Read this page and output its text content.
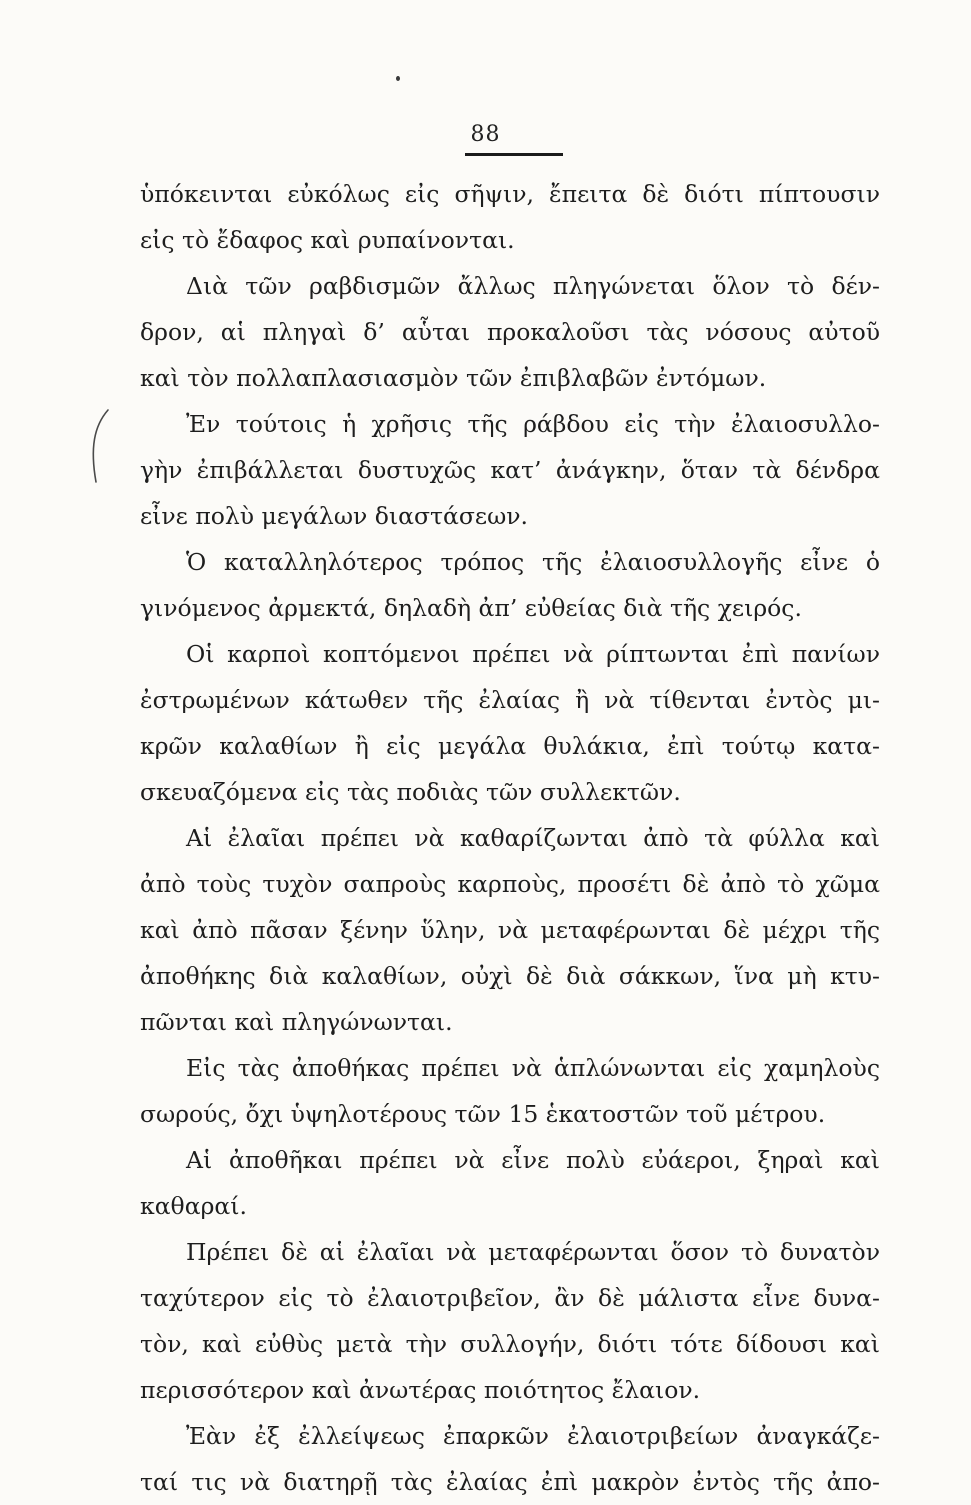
88
ὑπόκεινται εὐκόλως εἰς σῆψιν, ἔπειτα δὲ διότι πίπτουσιν
εἰς τὸ ἔδαφος καὶ ρυπαίνονται.
Διὰ τῶν ραβδισμῶν ἄλλως πληγώνεται ὅλον τὸ δέν-
δρον, αἱ πληγαὶ δ’ αὗται προκαλοῦσι τὰς νόσους αὐτοῦ
καὶ τὸν πολλαπλασιασμὸν τῶν ἐπιβλαβῶν ἐντόμων.
Ἐν τούτοις ἡ χρῆσις τῆς ράβδου εἰς τὴν ἐλαιοσυλλο-
γὴν ἐπιβάλλεται δυστυχῶς κατ’ ἀνάγκην, ὅταν τὰ δένδρα
εἶνε πολὺ μεγάλων διαστάσεων.
Ὁ καταλληλότερος τρόπος τῆς ἐλαιοσυλλογῆς εἶνε ὁ
γινόμενος ἀρμεκτά, δηλαδὴ ἀπ’ εὐθείας διὰ τῆς χειρός.
Οἱ καρποὶ κοπτόμενοι πρέπει νὰ ρίπτωνται ἐπὶ πανίων
ἐστρωμένων κάτωθεν τῆς ἐλαίας ἢ νὰ τίθενται ἐντὸς μι-
κρῶν καλαθίων ἢ εἰς μεγάλα θυλάκια, ἐπὶ τούτῳ κατα-
σκευαζόμενα εἰς τὰς ποδιὰς τῶν συλλεκτῶν.
Αἱ ἐλαῖαι πρέπει νὰ καθαρίζωνται ἀπὸ τὰ φύλλα καὶ
ἀπὸ τοὺς τυχὸν σαπροὺς καρποὺς, προσέτι δὲ ἀπὸ τὸ χῶμα
καὶ ἀπὸ πᾶσαν ξένην ὕλην, νὰ μεταφέρωνται δὲ μέχρι τῆς
ἀποθήκης διὰ καλαθίων, οὐχὶ δὲ διὰ σάκκων, ἵνα μὴ κτυ-
πῶνται καὶ πληγώνωνται.
Εἰς τὰς ἀποθήκας πρέπει νὰ ἁπλώνωνται εἰς χαμηλοὺς
σωρούς, ὄχι ὑψηλοτέρους τῶν 15 ἑκατοστῶν τοῦ μέτρου.
Αἱ ἀποθῆκαι πρέπει νὰ εἶνε πολὺ εὐάεροι, ξηραὶ καὶ
καθαραί.
Πρέπει δὲ αἱ ἐλαῖαι νὰ μεταφέρωνται ὅσον τὸ δυνατὸν
ταχύτερον εἰς τὸ ἐλαιοτριβεῖον, ἂν δὲ μάλιστα εἶνε δυνα-
τὸν, καὶ εὐθὺς μετὰ τὴν συλλογήν, διότι τότε δίδουσι καὶ
περισσότερον καὶ ἀνωτέρας ποιότητος ἔλαιον.
Ἐὰν ἐξ ἐλλείψεως ἐπαρκῶν ἐλαιοτριβείων ἀναγκάζε-
ταί τις νὰ διατηρῇ τὰς ἐλαίας ἐπὶ μακρὸν ἐντὸς τῆς ἀπο-
